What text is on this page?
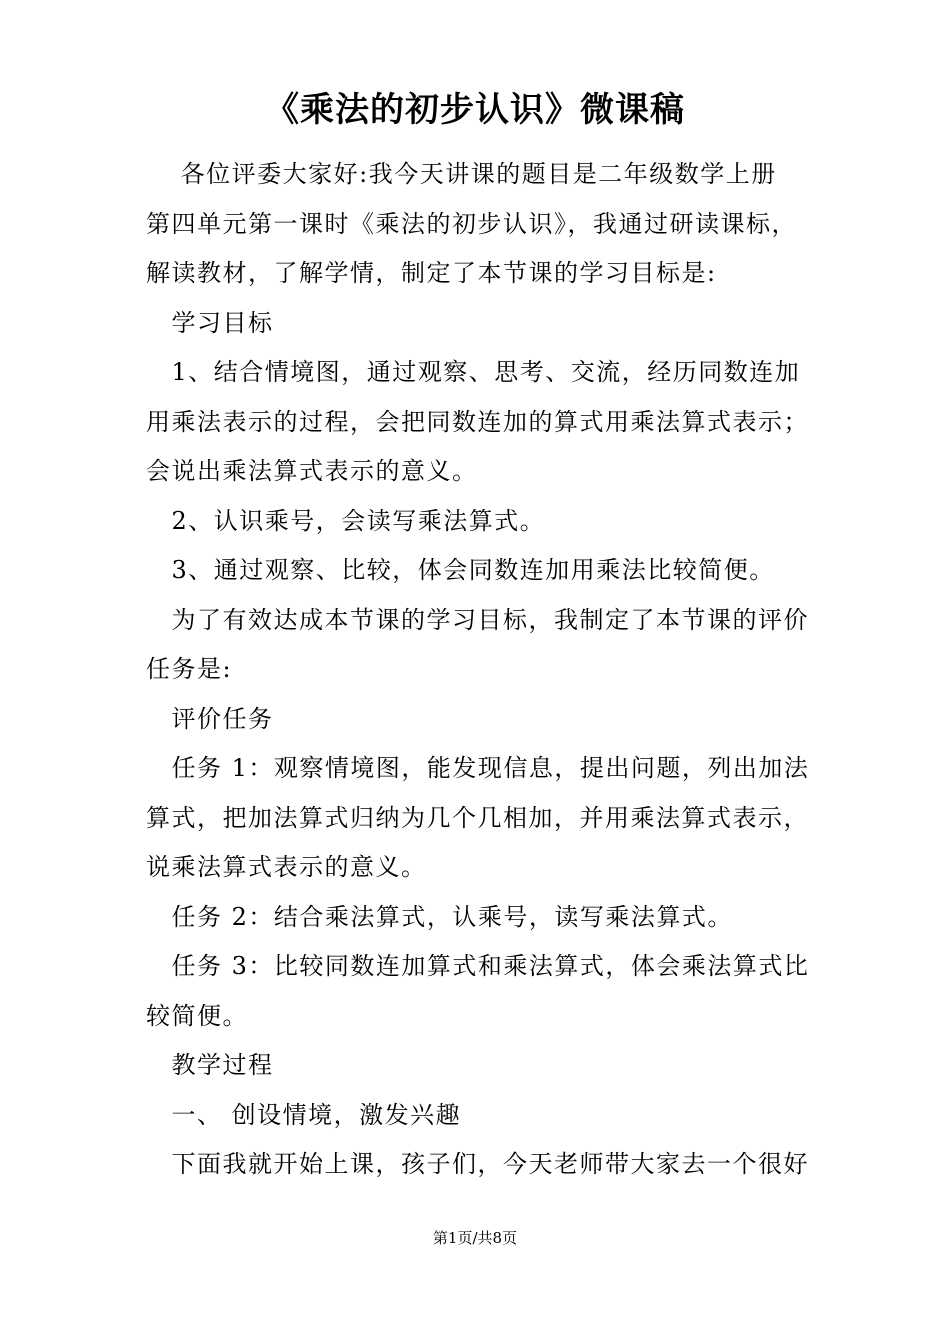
《乘法的初步认识》微课稿
　 各位评委大家好:我今天讲课的题目是二年级数学上册
第四单元第一课时《乘法的初步认识》，我通过研读课标，
解读教材，了解学情，制定了本节课的学习目标是:
　学习目标
　1、结合情境图，通过观察、思考、交流，经历同数连加
用乘法表示的过程，会把同数连加的算式用乘法算式表示；
会说出乘法算式表示的意义。
　2、认识乘号，会读写乘法算式。
　3、通过观察、比较，体会同数连加用乘法比较简便。
　为了有效达成本节课的学习目标，我制定了本节课的评价
任务是:
　评价任务
　任务 1：观察情境图，能发现信息，提出问题，列出加法
算式，把加法算式归纳为几个几相加，并用乘法算式表示，
说乘法算式表示的意义。
　任务 2：结合乘法算式，认乘号，读写乘法算式。
　任务 3：比较同数连加算式和乘法算式，体会乘法算式比
较简便。
　教学过程
　一、 创设情境，激发兴趣
　下面我就开始上课，孩子们，今天老师带大家去一个很好
第1页/共8页
